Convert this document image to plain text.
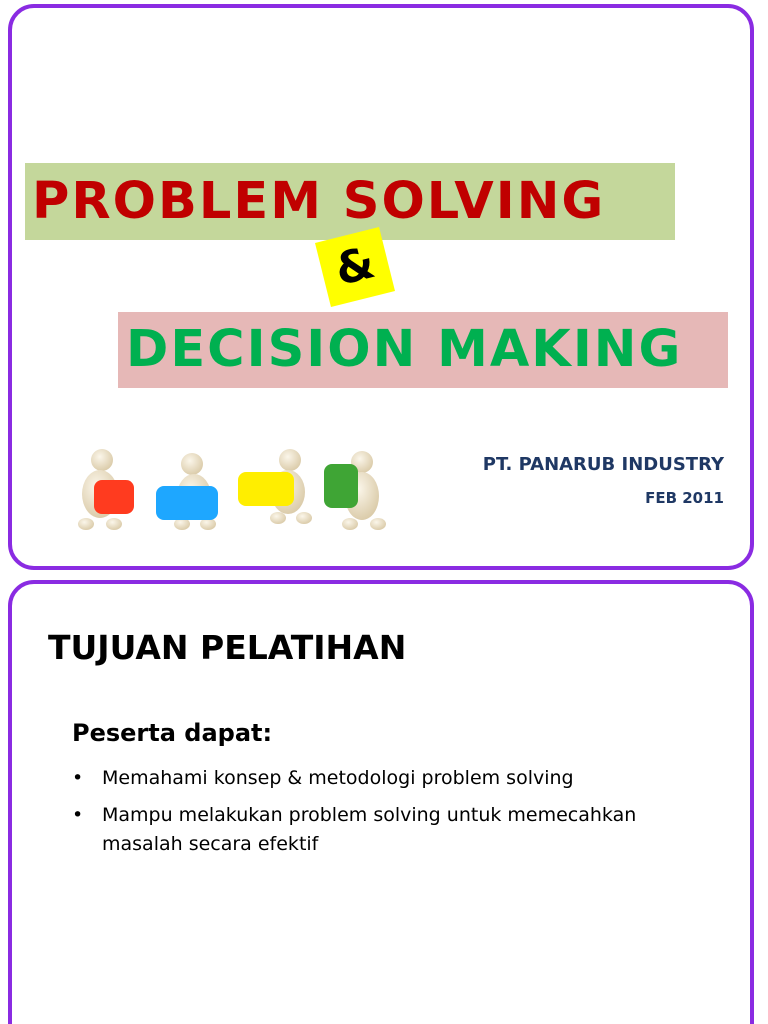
PROBLEM SOLVING
DECISION MAKING
&

PT. PANARUB INDUSTRY

FEB 2011

TUJUAN PELATIHAN

Peserta dapat:

• Memahami konsep & metodologi problem solving
• Mampu melakukan problem solving untuk memecahkan masalah secara efektif
